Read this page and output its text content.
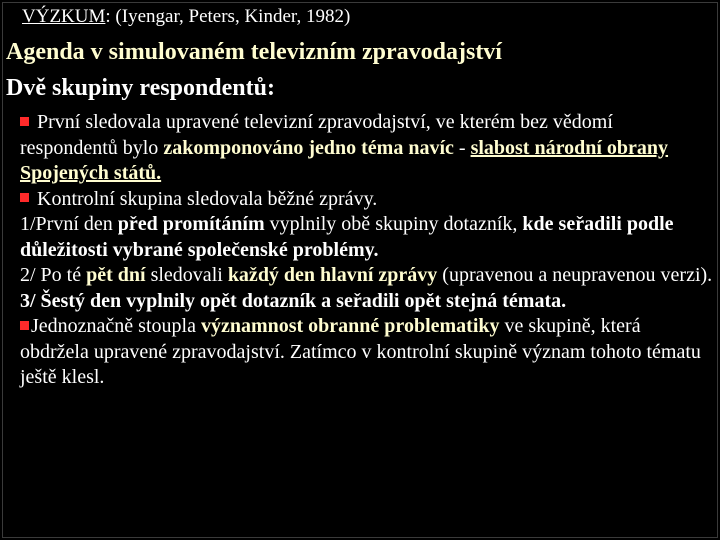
VÝZKUM: (Iyengar, Peters, Kinder, 1982)
Agenda v simulovaném televizním zpravodajství
Dvě skupiny respondentů:

První sledovala upravené televizní zpravodajství, ve kterém bez vědomí respondentů bylo zakomponováno jedno téma navíc - slabost národní obrany Spojených států.

Kontrolní skupina sledovala běžné zprávy.

1/První den před promítáním vyplnily obě skupiny dotazník, kde seřadili podle důležitosti vybrané společenské problémy.

2/ Po té pět dní sledovali každý den hlavní zprávy (upravenou a neupravenou verzi).

3/ Šestý den vyplnily opět dotazník a seřadili opět stejná témata.

Jednoznačně stoupla významnost obranné problematiky ve skupině, která obdržela upravené zpravodajství. Zatímco v kontrolní skupině význam tohoto tématu ještě klesl.
